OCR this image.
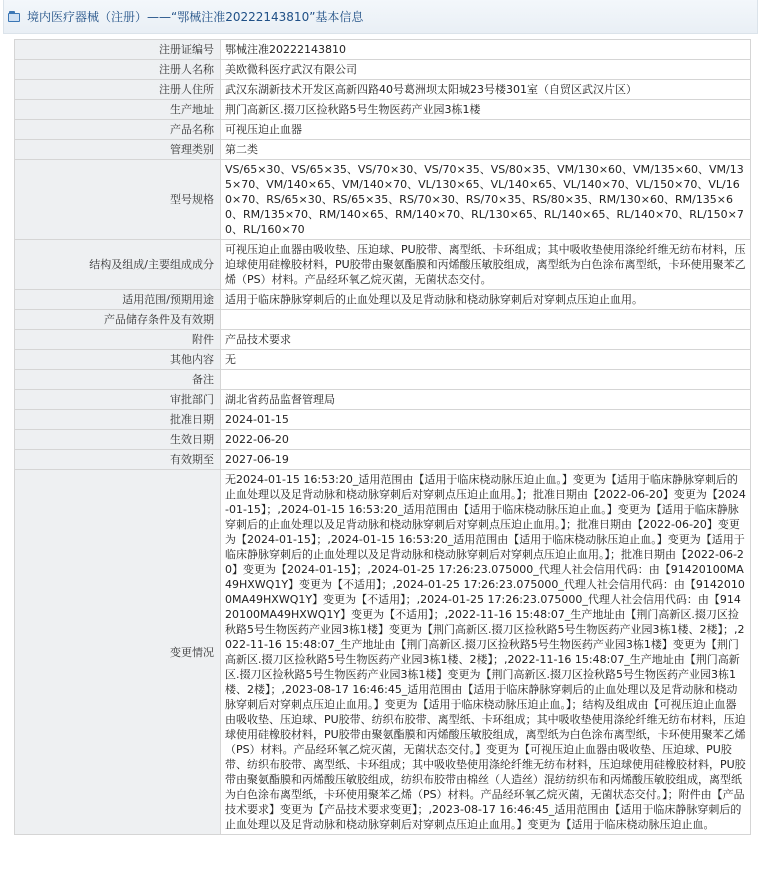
境内医疗器械（注册）——“鄂械注准20222143810”基本信息
注册证编号	鄂械注准20222143810
注册人名称	美欧微科医疗武汉有限公司
注册人住所	武汉东湖新技术开发区高新四路40号葛洲坝太阳城23号楼301室（自贸区武汉片区）
生产地址	荆门高新区.掇刀区捡秋路5号生物医药产业园3栋1楼
产品名称	可视压迫止血器
管理类别	第二类
型号规格	VS/65×30、VS/65×35、VS/70×30、VS/70×35、VS/80×35、VM/130×60、VM/135×60、VM/135×70、VM/140×65、VM/140×70、VL/130×65、VL/140×65、VL/140×70、VL/150×70、VL/160×70、RS/65×30、RS/65×35、RS/70×30、RS/70×35、RS/80×35、RM/130×60、RM/135×60、RM/135×70、RM/140×65、RM/140×70、RL/130×65、RL/140×65、RL/140×70、RL/150×70、RL/160×70
结构及组成/主要组成成分	可视压迫止血器由吸收垫、压迫球、PU胶带、离型纸、卡环组成；其中吸收垫使用涤纶纤维无纺布材料，压迫球使用硅橡胶材料，PU胶带由聚氨酯膜和丙烯酸压敏胶组成，离型纸为白色涂布离型纸，卡环使用聚苯乙烯（PS）材料。产品经环氧乙烷灭菌，无菌状态交付。
适用范围/预期用途	适用于临床静脉穿刺后的止血处理以及足背动脉和桡动脉穿刺后对穿刺点压迫止血用。
产品储存条件及有效期	
附件	产品技术要求
其他内容	无
备注	
审批部门	湖北省药品监督管理局
批准日期	2024-01-15
生效日期	2022-06-20
有效期至	2027-06-19
变更情况	无2024-01-15 16:53:20_适用范围由【适用于临床桡动脉压迫止血。】变更为【适用于临床静脉穿刺后的止血处理以及足背动脉和桡动脉穿刺后对穿刺点压迫止血用。】；批准日期由【2022-06-20】变更为【2024-01-15】；,2024-01-15 16:53:20_适用范围由【适用于临床桡动脉压迫止血。】变更为【适用于临床静脉穿刺后的止血处理以及足背动脉和桡动脉穿刺后对穿刺点压迫止血用。】；批准日期由【2022-06-20】变更为【2024-01-15】；,2024-01-15 16:53:20_适用范围由【适用于临床桡动脉压迫止血。】变更为【适用于临床静脉穿刺后的止血处理以及足背动脉和桡动脉穿刺后对穿刺点压迫止血用。】；批准日期由【2022-06-20】变更为【2024-01-15】；,2024-01-25 17:26:23.075000_代理人社会信用代码：由【91420100MA49HXWQ1Y】变更为【不适用】；,2024-01-25 17:26:23.075000_代理人社会信用代码：由【91420100MA49HXWQ1Y】变更为【不适用】；,2024-01-25 17:26:23.075000_代理人社会信用代码：由【91420100MA49HXWQ1Y】变更为【不适用】；,2022-11-16 15:48:07_生产地址由【荆门高新区.掇刀区捡秋路5号生物医药产业园3栋1楼】变更为【荆门高新区.掇刀区捡秋路5号生物医药产业园3栋1楼、2楼】；,2022-11-16 15:48:07_生产地址由【荆门高新区.掇刀区捡秋路5号生物医药产业园3栋1楼】变更为【荆门高新区.掇刀区捡秋路5号生物医药产业园3栋1楼、2楼】；,2022-11-16 15:48:07_生产地址由【荆门高新区.掇刀区捡秋路5号生物医药产业园3栋1楼】变更为【荆门高新区.掇刀区捡秋路5号生物医药产业园3栋1楼、2楼】；,2023-08-17 16:46:45_适用范围由【适用于临床静脉穿刺后的止血处理以及足背动脉和桡动脉穿刺后对穿刺点压迫止血用。】变更为【适用于临床桡动脉压迫止血。】；结构及组成由【可视压迫止血器由吸收垫、压迫球、PU胶带、纺织布胶带、离型纸、卡环组成；其中吸收垫使用涤纶纤维无纺布材料，压迫球使用硅橡胶材料，PU胶带由聚氨酯膜和丙烯酸压敏胶组成，离型纸为白色涂布离型纸，卡环使用聚苯乙烯（PS）材料。产品经环氧乙烷灭菌，无菌状态交付。】变更为【可视压迫止血器由吸收垫、压迫球、PU胶带、纺织布胶带、离型纸、卡环组成；其中吸收垫使用涤纶纤维无纺布材料，压迫球使用硅橡胶材料，PU胶带由聚氨酯膜和丙烯酸压敏胶组成，纺织布胶带由棉丝（人造丝）混纺纺织布和丙烯酸压敏胶组成，离型纸为白色涂布离型纸，卡环使用聚苯乙烯（PS）材料。产品经环氧乙烷灭菌，无菌状态交付。】；附件由【产品技术要求】变更为【产品技术要求变更】；,2023-08-17 16:46:45_适用范围由【适用于临床静脉穿刺后的止血处理以及足背动脉和桡动脉穿刺后对穿刺点压迫止血用。】变更为【适用于临床桡动脉压迫止血。
